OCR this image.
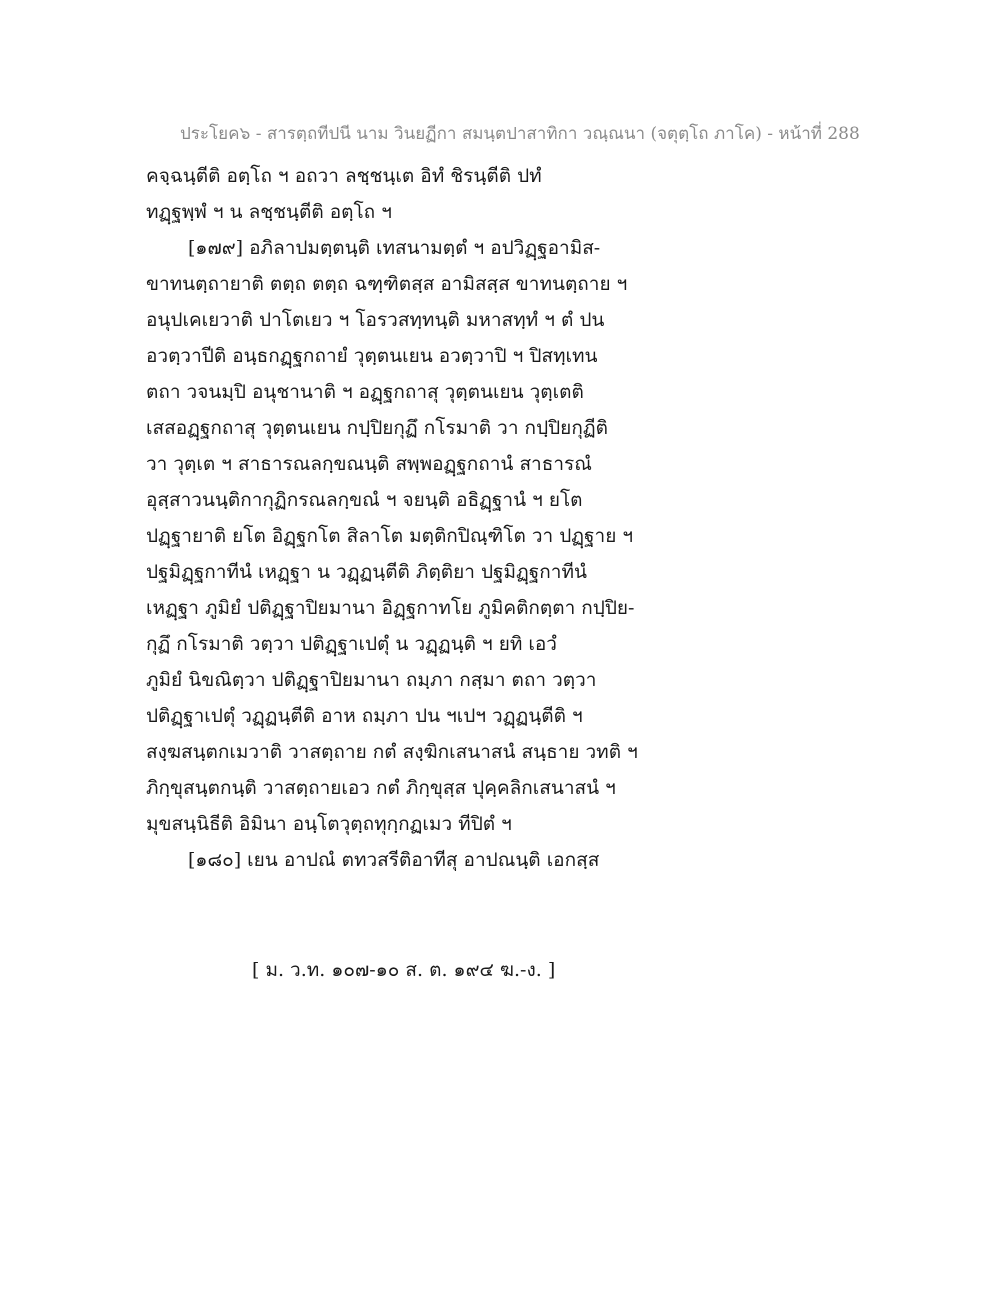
ประโยค๖ - สารตฺถทีปนี นาม วินยฏีกา สมนฺตปาสาทิกา วณฺณนา (จตุตฺโถ ภาโค) - หน้าที่ 288
คจฺฉนฺตีติ อตฺโถ ฯ อถวา ลชฺชนฺเต อิทํ ชิรนฺตีติ ปทํ
ทฏฺฐพฺพํ ฯ น ลชฺชนฺตีติ อตฺโถ ฯ
[๑๗๙] อภิลาปมตฺตนฺติ เทสนามตฺตํ ฯ อปวิฏฺฐอามิส-
ขาทนตฺถายาติ ตตฺถ ตตฺถ ฉฑฺฑิตสฺส อามิสสฺส ขาทนตฺถาย ฯ
อนุปเคเยวาติ ปาโตเยว ฯ โอรวสทฺทนฺติ มหาสทฺทํ ฯ ตํ ปน
อวตฺวาปีติ อนฺธกฏฺฐกถายํ วุตฺตนเยน อวตฺวาปิ ฯ ปิสทฺเทน
ตถา วจนมฺปิ อนุชานาติ ฯ อฏฺฐกถาสุ วุตฺตนเยน วุตฺเตติ
เสสอฏฺฐกถาสุ วุตฺตนเยน กปฺปิยกุฏึ กโรมาติ วา กปฺปิยกุฏีติ
วา วุตฺเต ฯ สาธารณลกฺขณนฺติ สพฺพอฏฺฐกถานํ สาธารณํ
อุสฺสาวนนฺติกากุฏิกรณลกฺขณํ ฯ จยนฺติ อธิฏฺฐานํ ฯ ยโต
ปฏฺฐายาติ ยโต อิฏฺฐกโต สิลาโต มตฺติกปิณฺฑิโต วา ปฏฺฐาย ฯ
ปฐมิฏฺฐกาทีนํ เหฏฺฐา น วฏฺฏนฺตีติ ภิตฺติยา ปฐมิฏฺฐกาทีนํ
เหฏฺฐา ภูมิยํ ปติฏฺฐาปิยมานา อิฏฺฐกาทโย ภูมิคติกตฺตา กปฺปิย-
กุฏึ กโรมาติ วตฺวา ปติฏฺฐาเปตุํ น วฏฺฏนฺติ ฯ ยทิ เอวํ
ภูมิยํ นิขณิตฺวา ปติฏฺฐาปิยมานา ถมฺภา กสฺมา ตถา วตฺวา
ปติฏฺฐาเปตุํ วฏฺฏนฺตีติ อาห ถมฺภา ปน ฯเปฯ วฏฺฏนฺตีติ ฯ
สงฺฆสนฺตกเมวาติ วาสตฺถาย กตํ สงฺฆิกเสนาสนํ สนฺธาย วทติ ฯ
ภิกฺขุสนฺตกนฺติ วาสตฺถายเอว กตํ ภิกฺขุสฺส ปุคฺคลิกเสนาสนํ ฯ
มุขสนฺนิธีติ อิมินา อนฺโตวุตฺถทุกฺกฏเมว ทีปิตํ ฯ
[๑๘๐] เยน อาปณํ ตทวสรีติอาทีสุ อาปณนฺติ เอกสฺส
[ ม. ว.ท. ๑๐๗-๑๐ ส. ต. ๑๙๔ ฆ.-ง. ]
